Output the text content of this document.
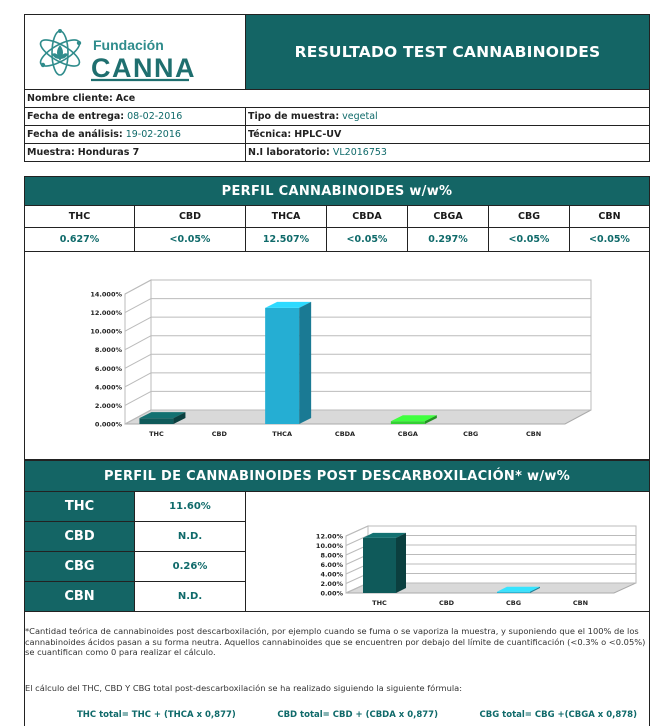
Fundación
CANNA
RESULTADO TEST CANNABINOIDES
Nombre cliente: Ace
Fecha de entrega: 08-02-2016	Tipo de muestra: vegetal
Fecha de análisis: 19-02-2016	Técnica: HPLC-UV
Muestra: Honduras 7	N.I laboratorio: VL2016753
PERFIL CANNABINOIDES w/w%
THC	CBD	THCA	CBDA	CBGA	CBG	CBN
0.627%	<0.05%	12.507%	<0.05%	0.297%	<0.05%	<0.05%
0.000%
2.000%
4.000%
6.000%
8.000%
10.000%
12.000%
14.000%
THC	CBD	THCA	CBDA	CBGA	CBG	CBN
PERFIL DE CANNABINOIDES POST DESCARBOXILACIÓN* w/w%
THC	11.60%
CBD	N.D.
CBG	0.26%
CBN	N.D.	0.00%
2.00%
4.00%
6.00%
8.00%
10.00%
12.00%
THC	CBD	CBG	CBN
*Cantidad teórica de cannabinoides post descarboxilación, por ejemplo cuando se fuma o se vaporiza la muestra, y suponiendo que el 100% de los cannabinoides ácidos pasan a su forma neutra. Aquellos cannabinoides que se encuentren por debajo del límite de cuantificación (<0.3% o <0.05%) se cuantifican como 0 para realizar el cálculo.
El cálculo del THC, CBD Y CBG total post-descarboxilación se ha realizado siguiendo la siguiente fórmula:
THC total= THC + (THCA x 0,877)	CBD total= CBD + (CBDA x 0,877)	CBG total= CBG +(CBGA x 0,878)
